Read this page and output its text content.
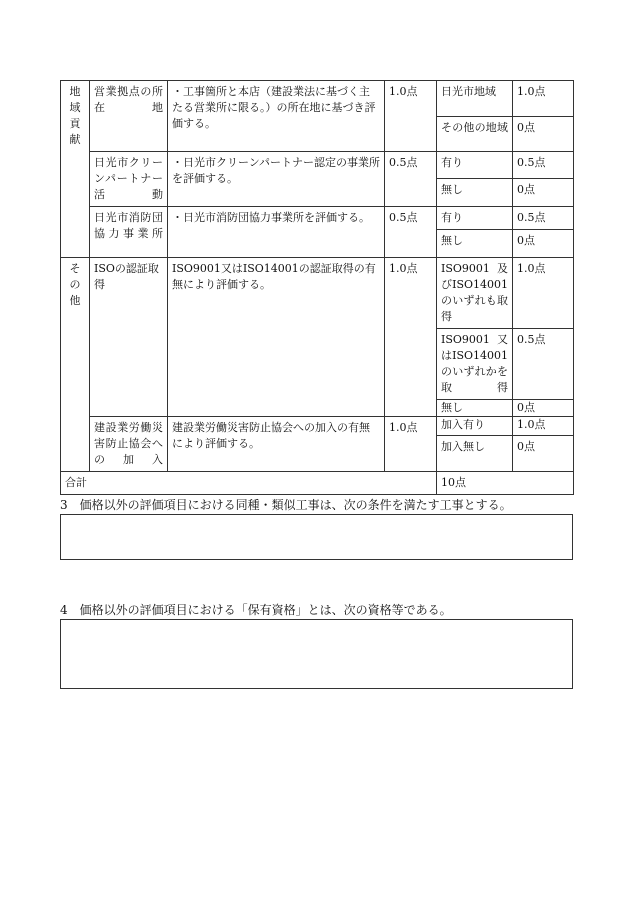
地域貢献	営業拠点の所在地	・工事箇所と本店（建設業法に基づく主たる営業所に限る。）の所在地に基づき評価する。	1.0点	日光市地域	1.0点
				その他の地域	0点
	日光市クリーンパートナー活動	・日光市クリーンパートナー認定の事業所を評価する。	0.5点	有り	0.5点
				無し	0点
	日光市消防団協力事業所	・日光市消防団協力事業所を評価する。	0.5点	有り	0.5点
				無し	0点
その他	ISOの認証取得	ISO9001又はISO14001の認証取得の有無により評価する。	1.0点	ISO9001及びISO14001のいずれも取得	1.0点
				ISO9001又はISO14001のいずれかを取得	0.5点
				無し	0点
	建設業労働災害防止協会への加入	建設業労働災害防止協会への加入の有無により評価する。	1.0点	加入有り	1.0点
				加入無し	0点
合計				10点	
3　価格以外の評価項目における同種・類似工事は、次の条件を満たす工事とする。
4　価格以外の評価項目における「保有資格」とは、次の資格等である。
